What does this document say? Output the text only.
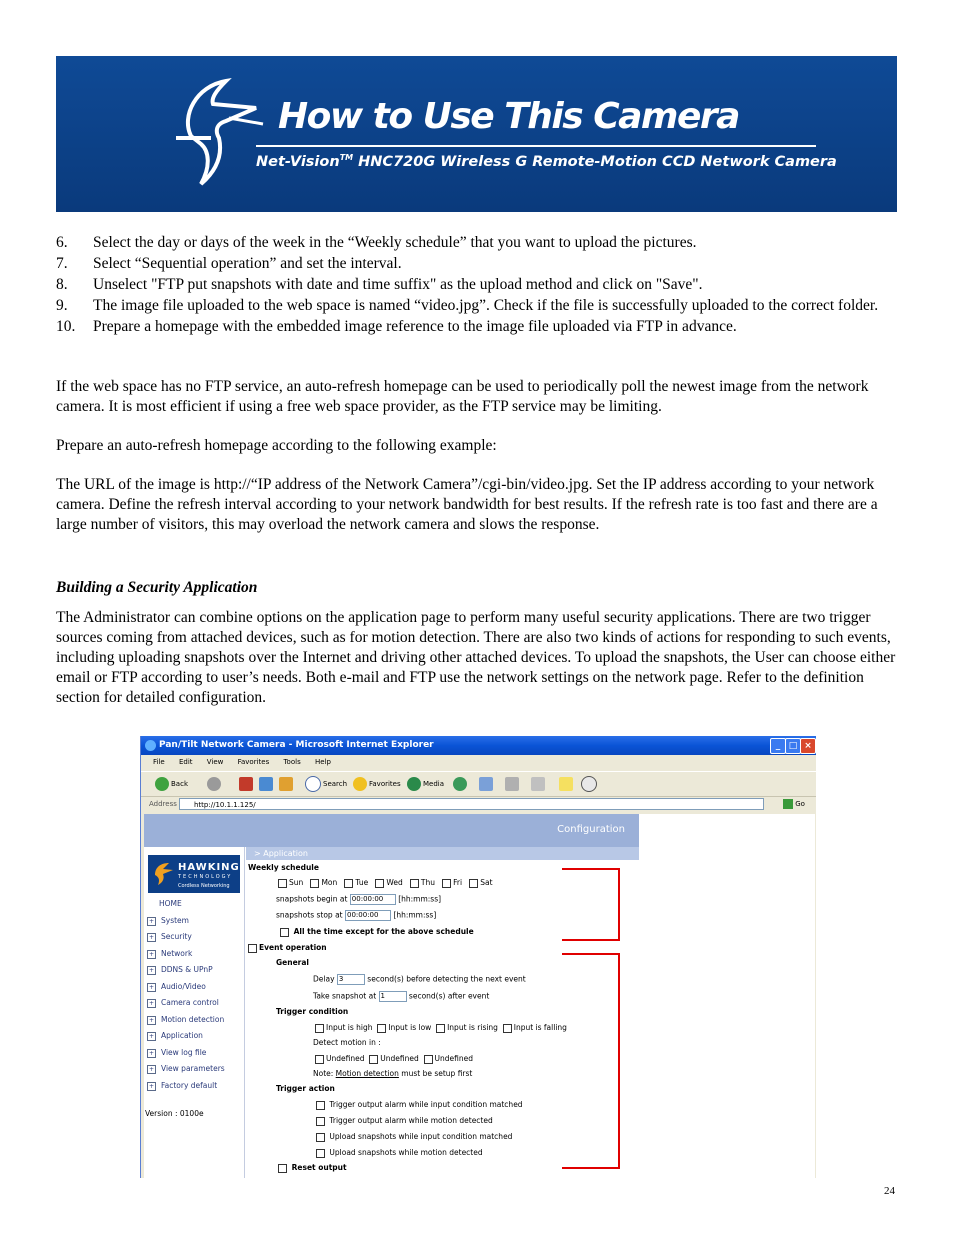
How to Use This Camera
Net-Vision™ HNC720G Wireless G Remote-Motion CCD Network Camera
6. Select the day or days of the week in the “Weekly schedule” that you want to upload the pictures.
7. Select “Sequential operation” and set the interval.
8. Unselect "FTP put snapshots with date and time suffix" as the upload method and click on "Save".
9. The image file uploaded to the web space is named “video.jpg”. Check if the file is successfully uploaded to the correct folder.
10. Prepare a homepage with the embedded image reference to the image file uploaded via FTP in advance.
If the web space has no FTP service, an auto-refresh homepage can be used to periodically poll the newest image from the network camera. It is most efficient if using a free web space provider, as the FTP service may be limiting.
Prepare an auto-refresh homepage according to the following example:
The URL of the image is http://“IP address of the Network Camera”/cgi-bin/video.jpg. Set the IP address according to your network camera. Define the refresh interval according to your network bandwidth for best results. If the refresh rate is too fast and there are a large number of visitors, this may overload the network camera and slows the response.
Building a Security Application
The Administrator can combine options on the application page to perform many useful security applications. There are two trigger sources coming from attached devices, such as for motion detection. There are also two kinds of actions for responding to such events, including uploading snapshots over the Internet and driving other attached devices. To upload the snapshots, the User can choose either email or FTP according to user’s needs. Both e-mail and FTP use the network settings on the network page. Refer to the definition section for detailed configuration.
Pan/Tilt Network Camera - Microsoft Internet Explorer	_ □ ×
File Edit View Favorites Tools Help
Back	Search	Favorites	Media
Address	http://10.1.1.125/	Go
Configuration
> Application
HAWKING
TECHNOLOGY
Cordless Networking
HOME
+ System
+ Security
+ Network
+ DDNS & UPnP
+ Audio/Video
+ Camera control
+ Motion detection
+ Application
+ View log file
+ View parameters
+ Factory default
Version : 0100e
Weekly schedule
Sun Mon Tue Wed Thu Fri Sat
snapshots begin at 00:00:00 [hh:mm:ss]
snapshots stop at 00:00:00 [hh:mm:ss]
All the time except for the above schedule
Event operation
General
Delay 3	second(s) before detecting the next event
Take snapshot at 1	second(s) after event
Trigger condition
Input is high Input is low Input is rising Input is falling
Detect motion in :
Undefined Undefined Undefined
Note: Motion detection must be setup first
Trigger action
Trigger output alarm while input condition matched
Trigger output alarm while motion detected
Upload snapshots while input condition matched
Upload snapshots while motion detected
Reset output
24
